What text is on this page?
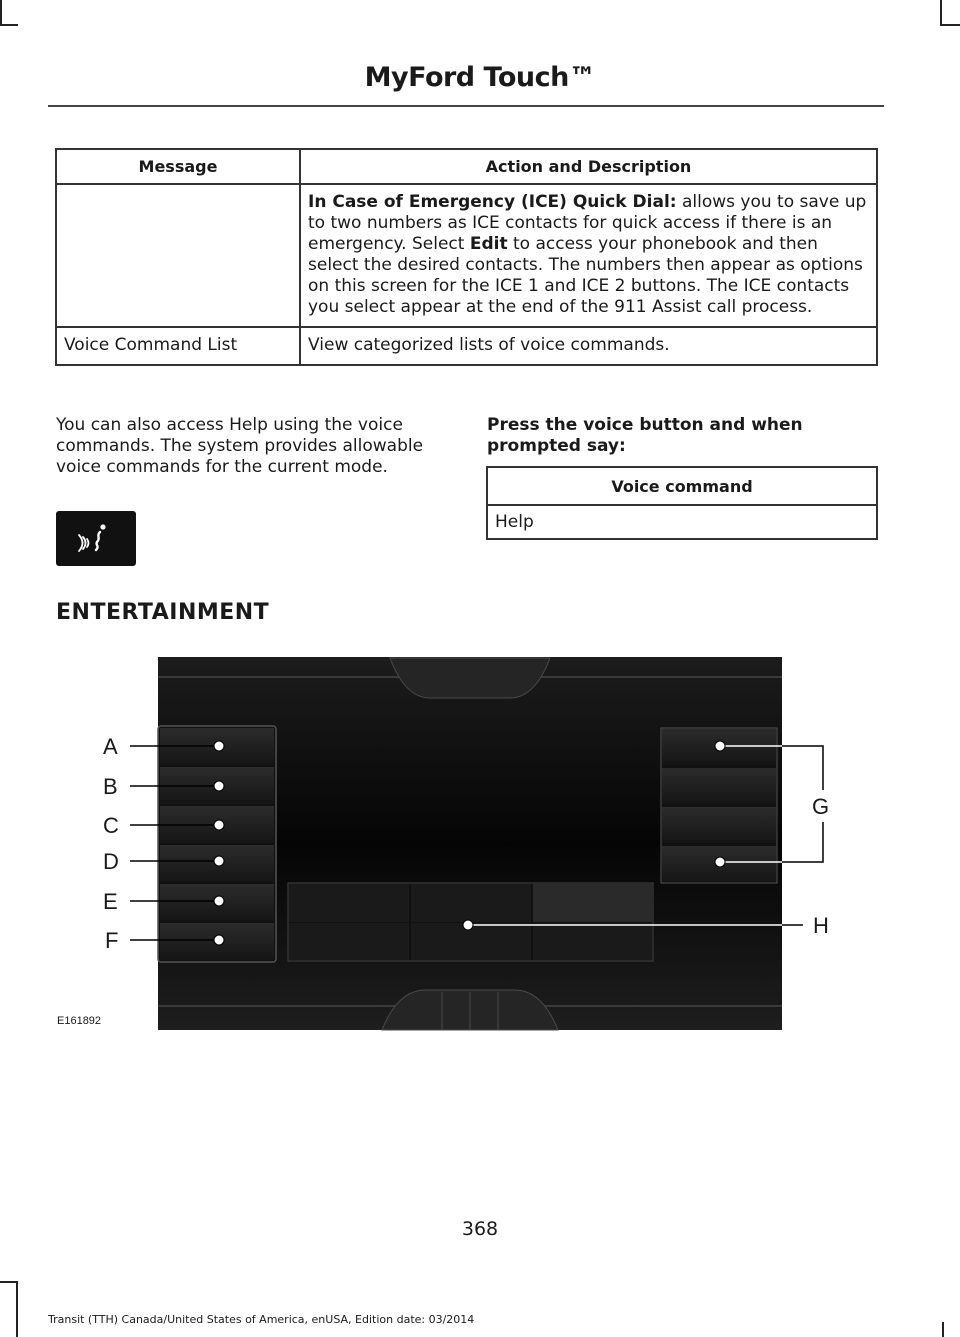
MyFord Touch™
Message	Action and Description
	In Case of Emergency (ICE) Quick Dial: allows you to save up to two numbers as ICE contacts for quick access if there is an emergency. Select Edit to access your phonebook and then select the desired contacts. The numbers then appear as options on this screen for the ICE 1 and ICE 2 buttons. The ICE contacts you select appear at the end of the 911 Assist call process.
Voice Command List	View categorized lists of voice commands.
You can also access Help using the voice commands. The system provides allowable voice commands for the current mode.
Press the voice button and when prompted say:
Voice command
Help
ENTERTAINMENT
A
B
C
D
E
F
G
H
E161892
368
Transit (TTH) Canada/United States of America, enUSA, Edition date: 03/2014
